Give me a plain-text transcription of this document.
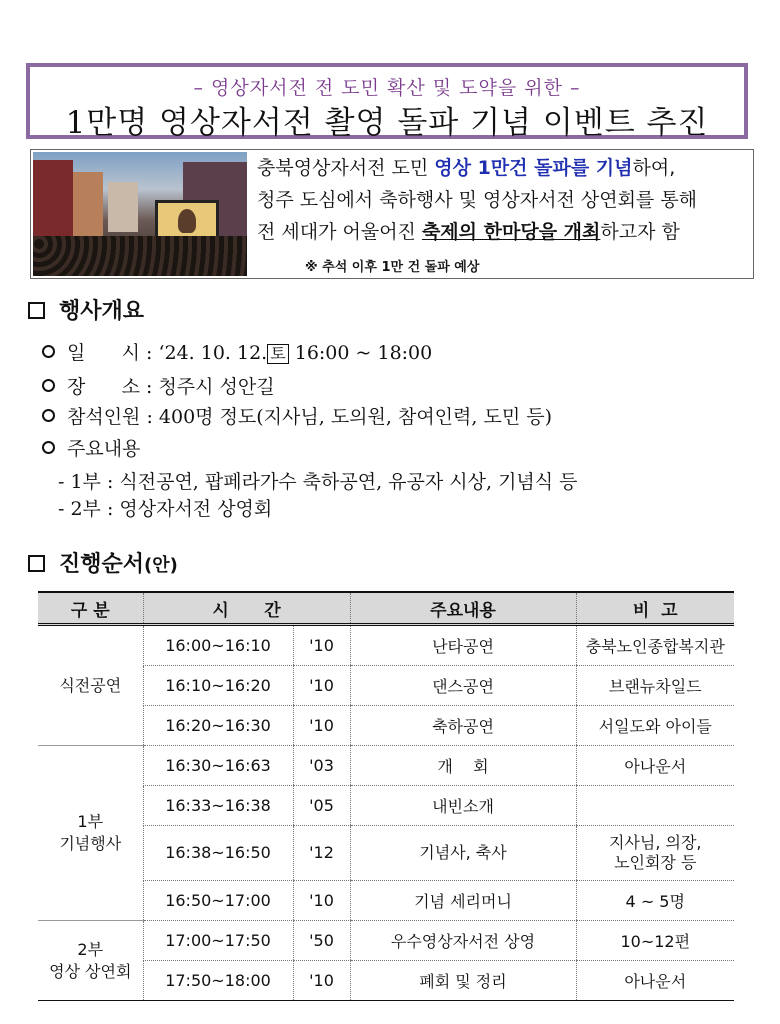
– 영상자서전 전 도민 확산 및 도약을 위한 –
1만명 영상자서전 촬영 돌파 기념 이벤트 추진
충북영상자서전 도민 영상 1만건 돌파를 기념하여,
청주 도심에서 축하행사 및 영상자서전 상연회를 통해
전 세대가 어울어진 축제의 한마당을 개최하고자 함
※ 추석 이후 1만 건 돌파 예상
행사개요
일      시 : ‘24. 10. 12. 토 16:00 ~ 18:00
장      소 : 청주시 성안길
참석인원 : 400명 정도(지사님, 도의원, 참여인력, 도민 등)
주요내용
- 1부 : 식전공연, 팝페라가수 축하공연, 유공자 시상, 기념식 등
- 2부 : 영상자서전 상영회
진행순서(안)
구 분	시      간		주요내용	비  고

식전공연	16:00~16:10	'10	난타공연	충북노인종합복지관
	16:10~16:20	'10	댄스공연	브랜뉴차일드
	16:20~16:30	'10	축하공연	서일도와 아이들

1부
기념행사	16:30~16:63	'03	개    회	아나운서
	16:33~16:38	'05	내빈소개	
	16:38~16:50	'12	기념사, 축사	지사님, 의장,
노인회장 등

	16:50~17:00	'10	기념 세리머니	4 ~ 5명

2부
영상 상연회	17:00~17:50	'50	우수영상자서전 상영	10~12편
	17:50~18:00	'10	폐회 및 정리	아나운서
